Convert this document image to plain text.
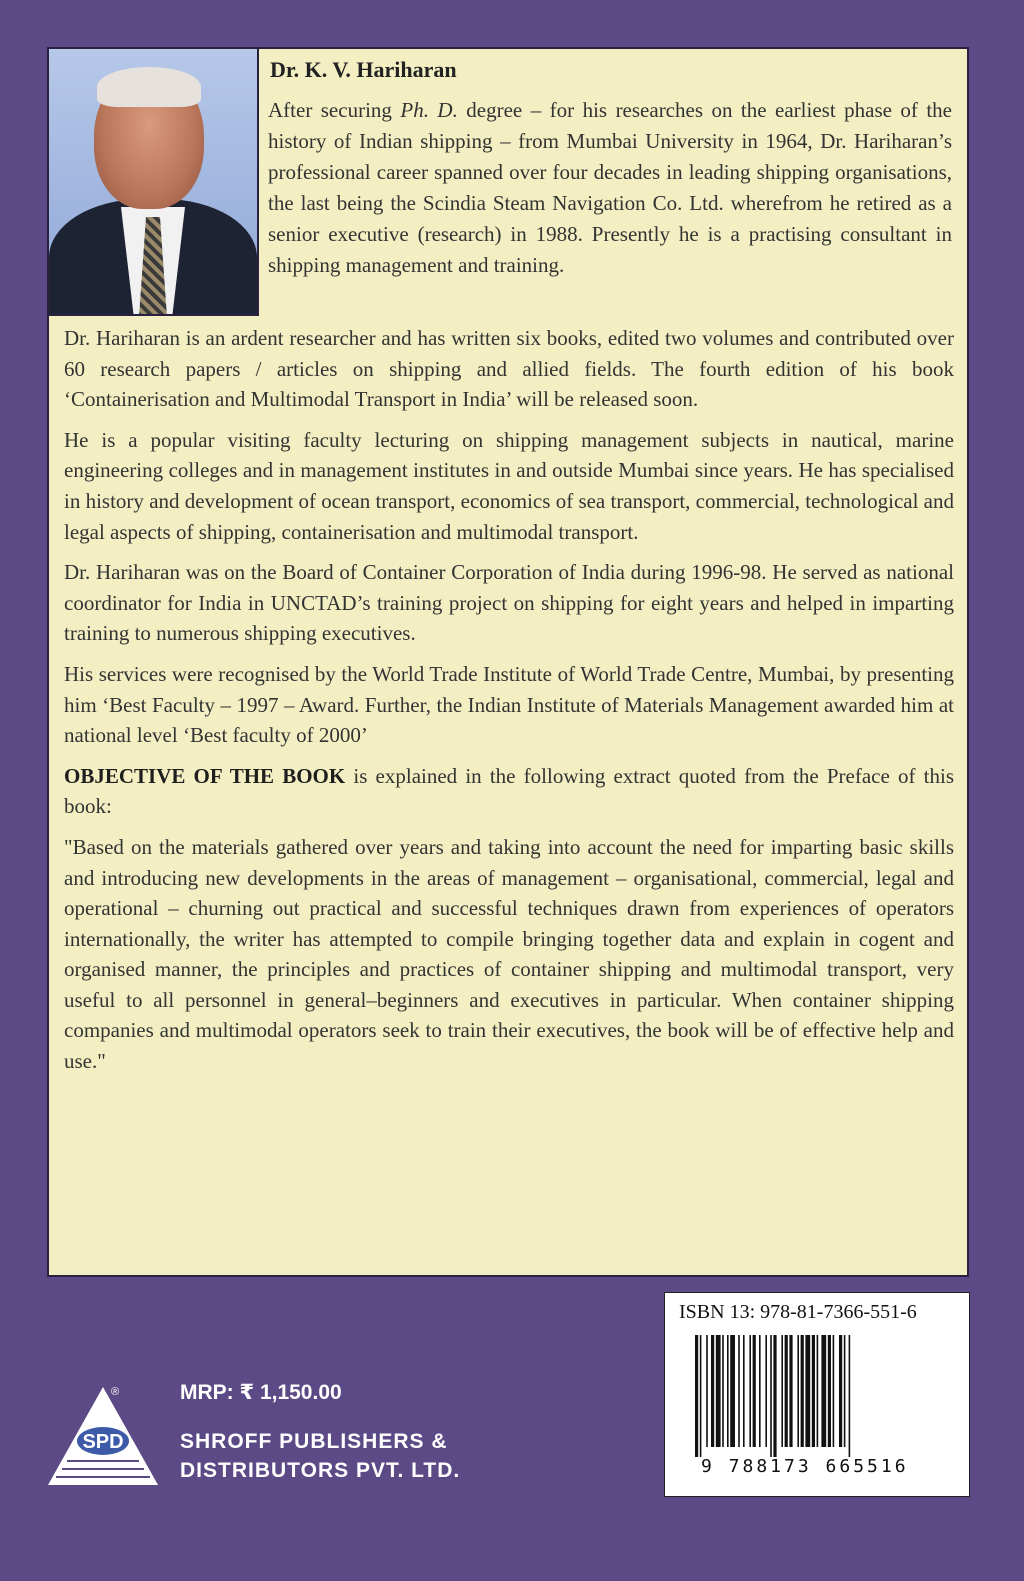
Dr. K. V. Hariharan

After securing Ph. D. degree – for his researches on the earliest phase of the history of Indian shipping – from Mumbai University in 1964, Dr. Hariharan’s professional career spanned over four decades in leading shipping organisations, the last being the Scindia Steam Navigation Co. Ltd. wherefrom he retired as a senior executive (research) in 1988. Presently he is a practising consultant in shipping management and training.

Dr. Hariharan is an ardent researcher and has written six books, edited two volumes and contributed over 60 research papers / articles on shipping and allied fields. The fourth edition of his book ‘Containerisation and Multimodal Transport in India’ will be released soon.

He is a popular visiting faculty lecturing on shipping management subjects in nautical, marine engineering colleges and in management institutes in and outside Mumbai since years. He has specialised in history and development of ocean transport, economics of sea transport, commercial, technological and legal aspects of shipping, containerisation and multimodal transport.

Dr. Hariharan was on the Board of Container Corporation of India during 1996-98. He served as national coordinator for India in UNCTAD’s training project on shipping for eight years and helped in imparting training to numerous shipping executives.

His services were recognised by the World Trade Institute of World Trade Centre, Mumbai, by presenting him ‘Best Faculty – 1997 – Award. Further, the Indian Institute of Materials Management awarded him at national level ‘Best faculty of 2000’

OBJECTIVE OF THE BOOK is explained in the following extract quoted from the Preface of this book:

"Based on the materials gathered over years and taking into account the need for imparting basic skills and introducing new developments in the areas of management – organisational, commercial, legal and operational – churning out practical and successful techniques drawn from experiences of operators internationally, the writer has attempted to compile bringing together data and explain in cogent and organised manner, the principles and practices of container shipping and multimodal transport, very useful to all personnel in general–beginners and executives in particular. When container shipping companies and multimodal operators seek to train their executives, the book will be of effective help and use."

SPD
®	MRP: ₹ 1,150.00
SHROFF PUBLISHERS &
DISTRIBUTORS PVT. LTD.
ISBN 13: 978-81-7366-551-6
9 788173 665516
